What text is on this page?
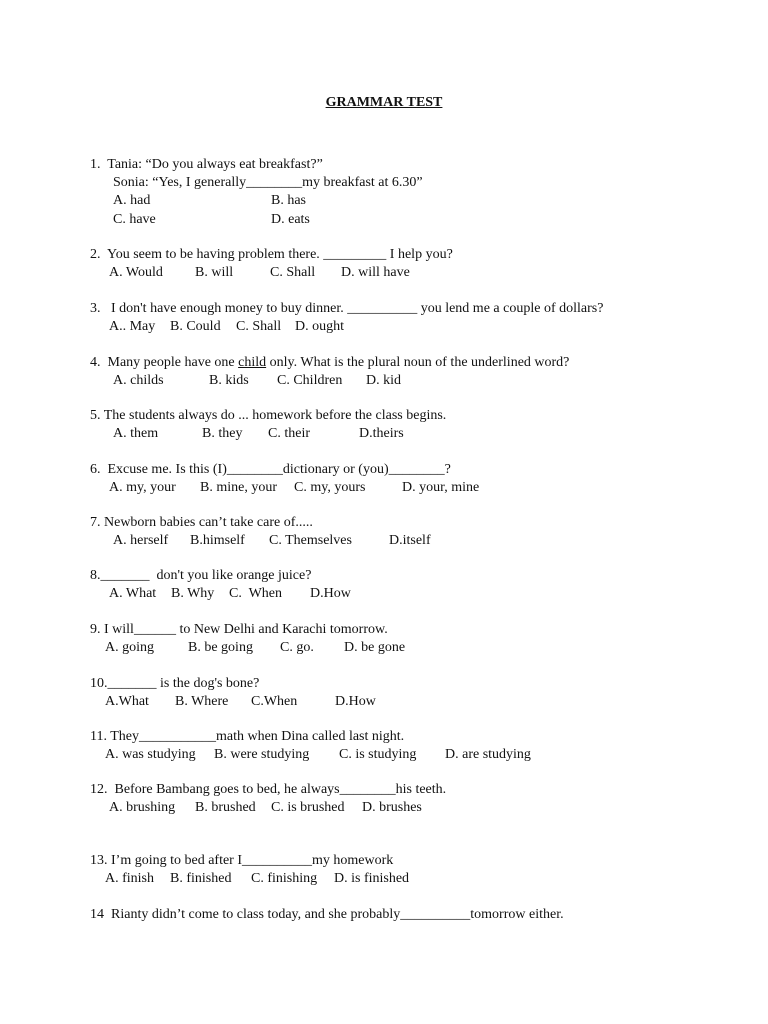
GRAMMAR TEST
1.  Tania: “Do you always eat breakfast?”
Sonia: “Yes, I generally________my breakfast at 6.30”
A. had	B. has
C. have	D. eats
2.  You seem to be having problem there. _________ I help you?
A. Would B. will	C. Shall D. will have
3.   I don't have enough money to buy dinner. __________ you lend me a couple of dollars?
A.. May B. Could C. Shall D. ought
4.  Many people have one child only. What is the plural noun of the underlined word?
A. childs	B. kids C. Children D. kid
5. The students always do ... homework before the class begins.
A. them	B. they C. their	D.theirs
6.  Excuse me. Is this (I)________dictionary or (you)________?
A. my, your B. mine, your C. my, yours	D. your, mine
7. Newborn babies can’t take care of.....
A. herself B.himself C. Themselves	D.itself
8._______  don't you like orange juice?
A. What B. Why C.  When D.How
9. I will______ to New Delhi and Karachi tomorrow.
A. going B. be going C. go. D. be gone
10._______ is the dog's bone?
A.What B. Where C.When	D.How
11. They___________math when Dina called last night.
A. was studying B. were studying C. is studying D. are studying
12.  Before Bambang goes to bed, he always________his teeth.
A. brushing B. brushed C. is brushed D. brushes
13. I’m going to bed after I__________my homework
A. finish B. finished C. finishing D. is finished
14  Rianty didn’t come to class today, and she probably__________tomorrow either.
